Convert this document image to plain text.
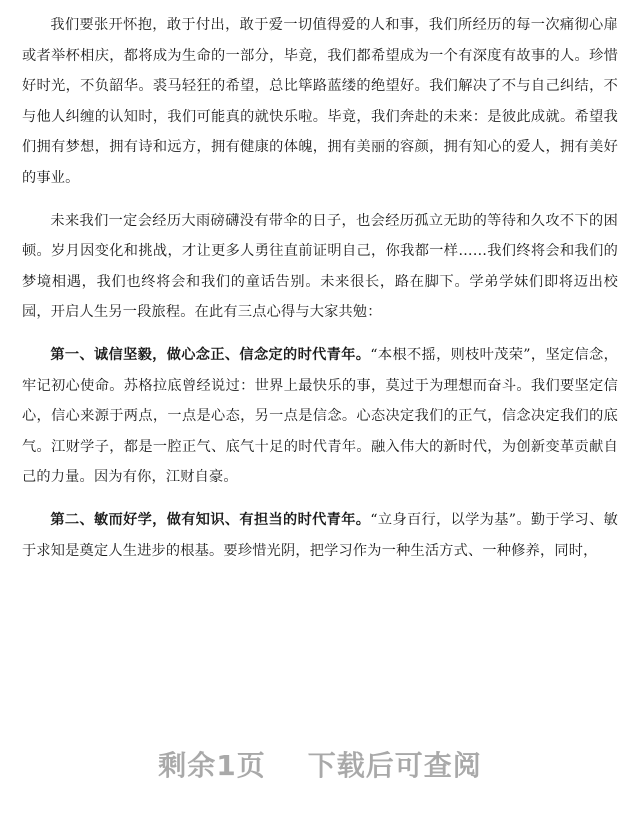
我们要张开怀抱，敢于付出，敢于爱一切值得爱的人和事，我们所经历的每一次痛彻心扉或者举杯相庆，都将成为生命的一部分，毕竟，我们都希望成为一个有深度有故事的人。珍惜好时光，不负韶华。裘马轻狂的希望，总比筚路蓝缕的绝望好。我们解决了不与自己纠结，不与他人纠缠的认知时，我们可能真的就快乐啦。毕竟，我们奔赴的未来：是彼此成就。希望我们拥有梦想，拥有诗和远方，拥有健康的体魄，拥有美丽的容颜，拥有知心的爱人，拥有美好的事业。

未来我们一定会经历大雨磅礴没有带伞的日子，也会经历孤立无助的等待和久攻不下的困顿。岁月因变化和挑战，才让更多人勇往直前证明自己，你我都一样……我们终将会和我们的梦境相遇，我们也终将会和我们的童话告别。未来很长，路在脚下。学弟学妹们即将迈出校园，开启人生另一段旅程。在此有三点心得与大家共勉：

第一、诚信坚毅，做心念正、信念定的时代青年。“本根不摇，则枝叶茂荣”，坚定信念，牢记初心使命。苏格拉底曾经说过：世界上最快乐的事，莫过于为理想而奋斗。我们要坚定信心，信心来源于两点，一点是心态，另一点是信念。心态决定我们的正气，信念决定我们的底气。江财学子，都是一腔正气、底气十足的时代青年。融入伟大的新时代，为创新变革贡献自己的力量。因为有你，江财自豪。

第二、敏而好学，做有知识、有担当的时代青年。“立身百行，以学为基”。勤于学习、敏于求知是奠定人生进步的根基。要珍惜光阴，把学习作为一种生活方式、一种修养，同时，

剩余1页 下载后可查阅
